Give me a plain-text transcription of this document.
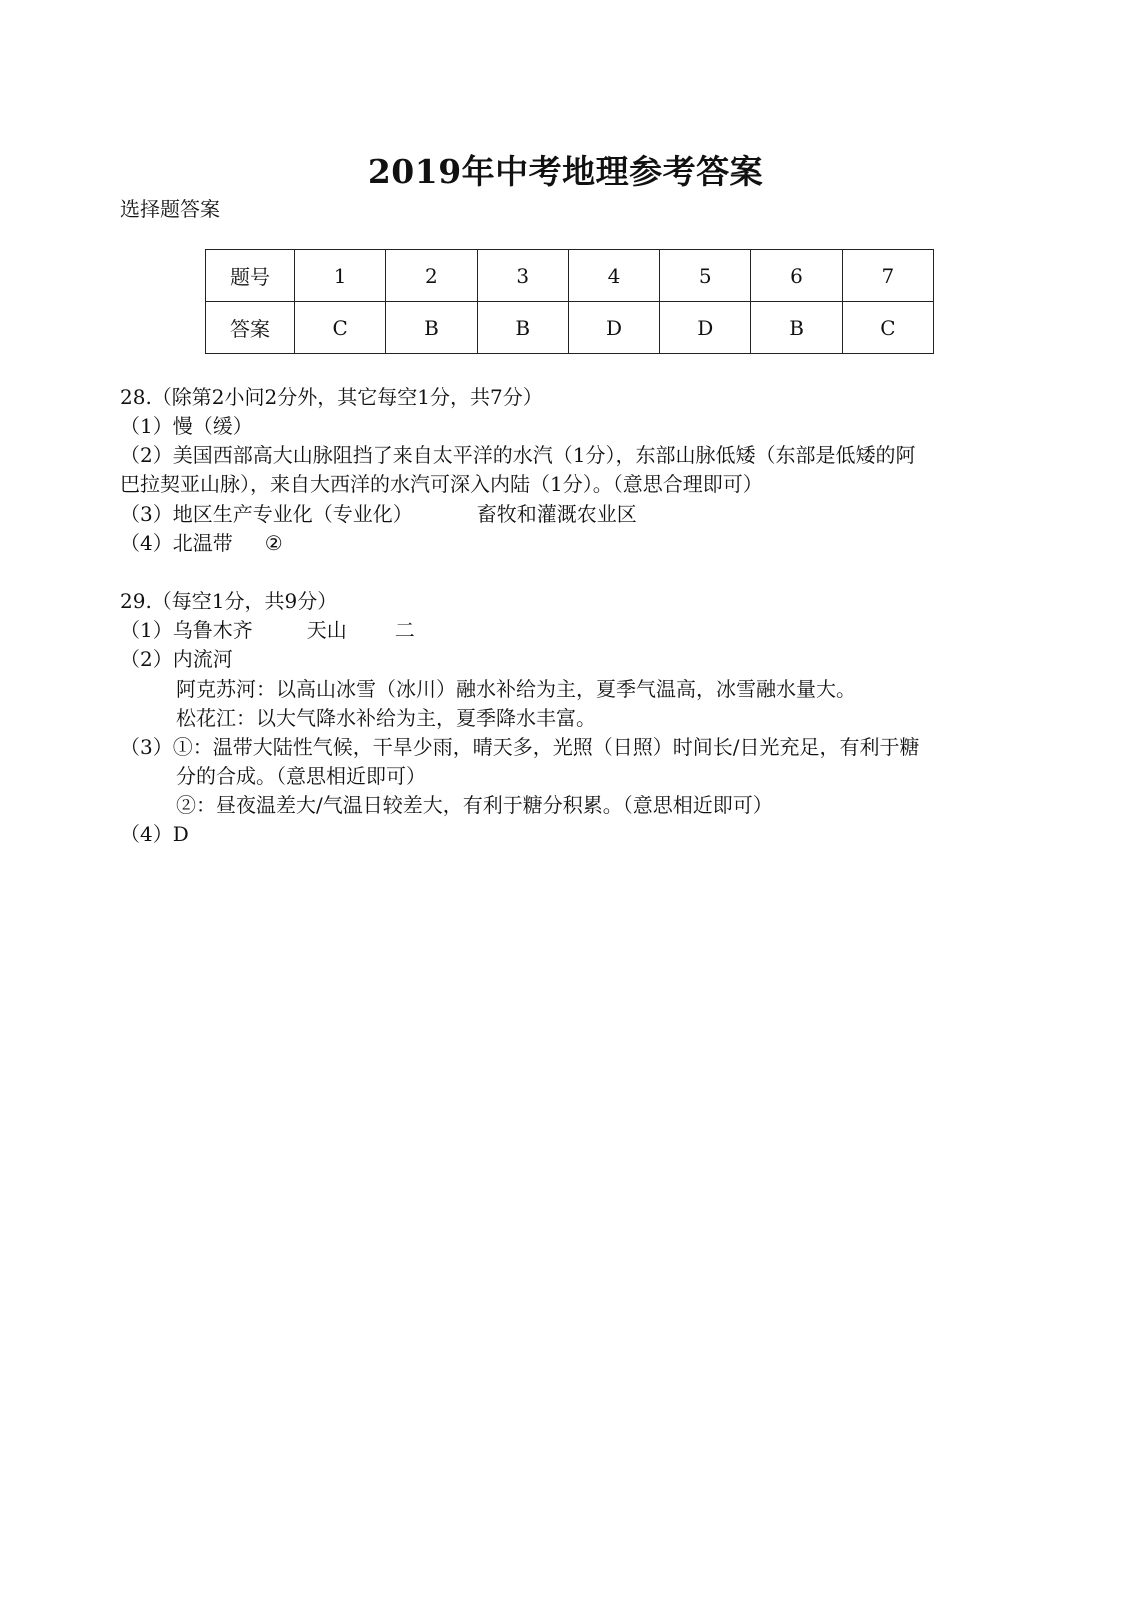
2019年中考地理参考答案
选择题答案
题号	1	2	3	4	5	6	7
答案	C	B	B	D	D	B	C
28.（除第2小问2分外，其它每空1分，共7分）
（1）慢（缓）
（2）美国西部高大山脉阻挡了来自太平洋的水汽（1分），东部山脉低矮（东部是低矮的阿
巴拉契亚山脉），来自大西洋的水汽可深入内陆（1分）。（意思合理即可）
（3）地区生产专业化（专业化）	畜牧和灌溉农业区
（4）北温带 ②
29.（每空1分，共9分）
（1）乌鲁木齐	天山 二
（2）内流河
阿克苏河：以高山冰雪（冰川）融水补给为主，夏季气温高，冰雪融水量大。
松花江：以大气降水补给为主，夏季降水丰富。
（3）①：温带大陆性气候，干旱少雨，晴天多，光照（日照）时间长/日光充足，有利于糖
分的合成。（意思相近即可）
②：昼夜温差大/气温日较差大，有利于糖分积累。（意思相近即可）
（4）D
